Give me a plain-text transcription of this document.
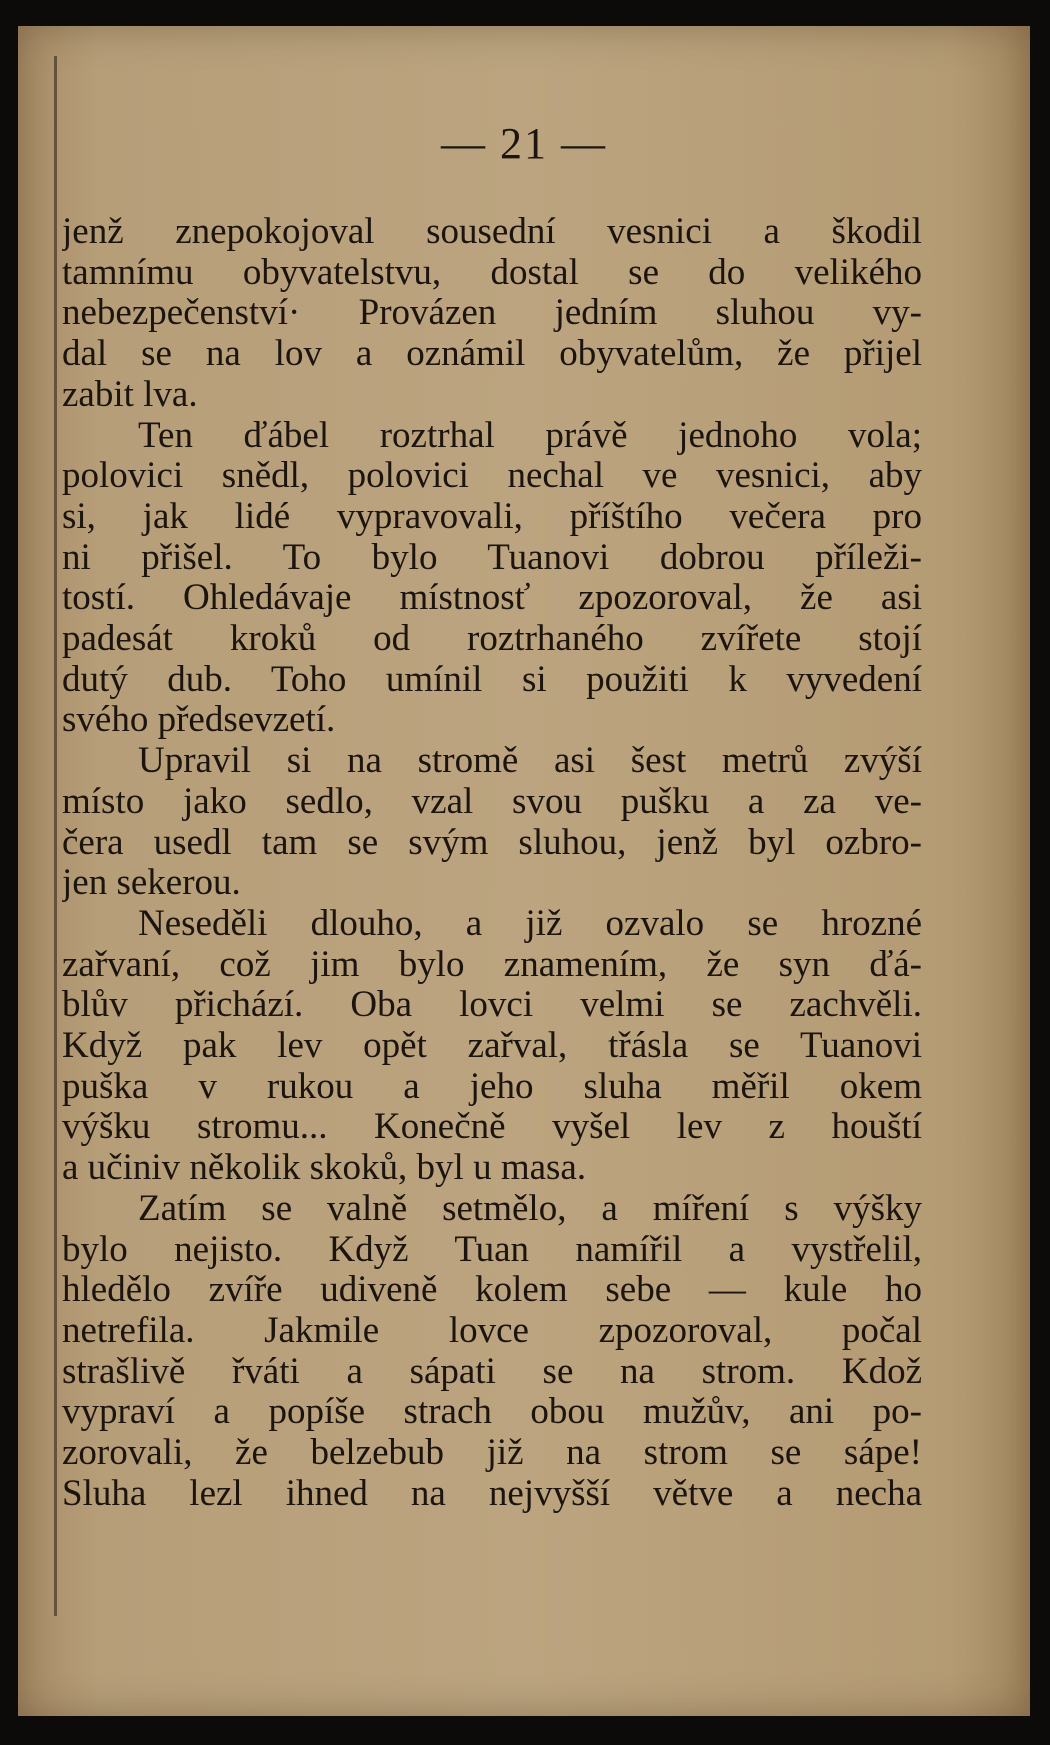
— 21 —
jenž znepokojoval sousední vesnici a škodil
tamnímu obyvatelstvu, dostal se do velikého
nebezpečenství· Provázen jedním sluhou vy-
dal se na lov a oznámil obyvatelům, že přijel
zabit lva.
Ten ďábel roztrhal právě jednoho vola;
polovici snědl, polovici nechal ve vesnici, aby
si, jak lidé vypravovali, příštího večera pro
ni přišel. To bylo Tuanovi dobrou příleži-
tostí. Ohledávaje místnosť zpozoroval, že asi
padesát kroků od roztrhaného zvířete stojí
dutý dub. Toho umínil si použiti k vyvedení
svého předsevzetí.
Upravil si na stromě asi šest metrů zvýší
místo jako sedlo, vzal svou pušku a za ve-
čera usedl tam se svým sluhou, jenž byl ozbro-
jen sekerou.
Neseděli dlouho, a již ozvalo se hrozné
zařvaní, což jim bylo znamením, že syn ďá-
blův přichází. Oba lovci velmi se zachvěli.
Když pak lev opět zařval, třásla se Tuanovi
puška v rukou a jeho sluha měřil okem
výšku stromu... Konečně vyšel lev z houští
a učiniv několik skoků, byl u masa.
Zatím se valně setmělo, a míření s výšky
bylo nejisto. Když Tuan namířil a vystřelil,
hledělo zvíře udiveně kolem sebe — kule ho
netrefila. Jakmile lovce zpozoroval, počal
strašlivě řváti a sápati se na strom. Kdož
vypraví a popíše strach obou mužův, ani po-
zorovali, že belzebub již na strom se sápe!
Sluha lezl ihned na nejvyšší větve a necha
